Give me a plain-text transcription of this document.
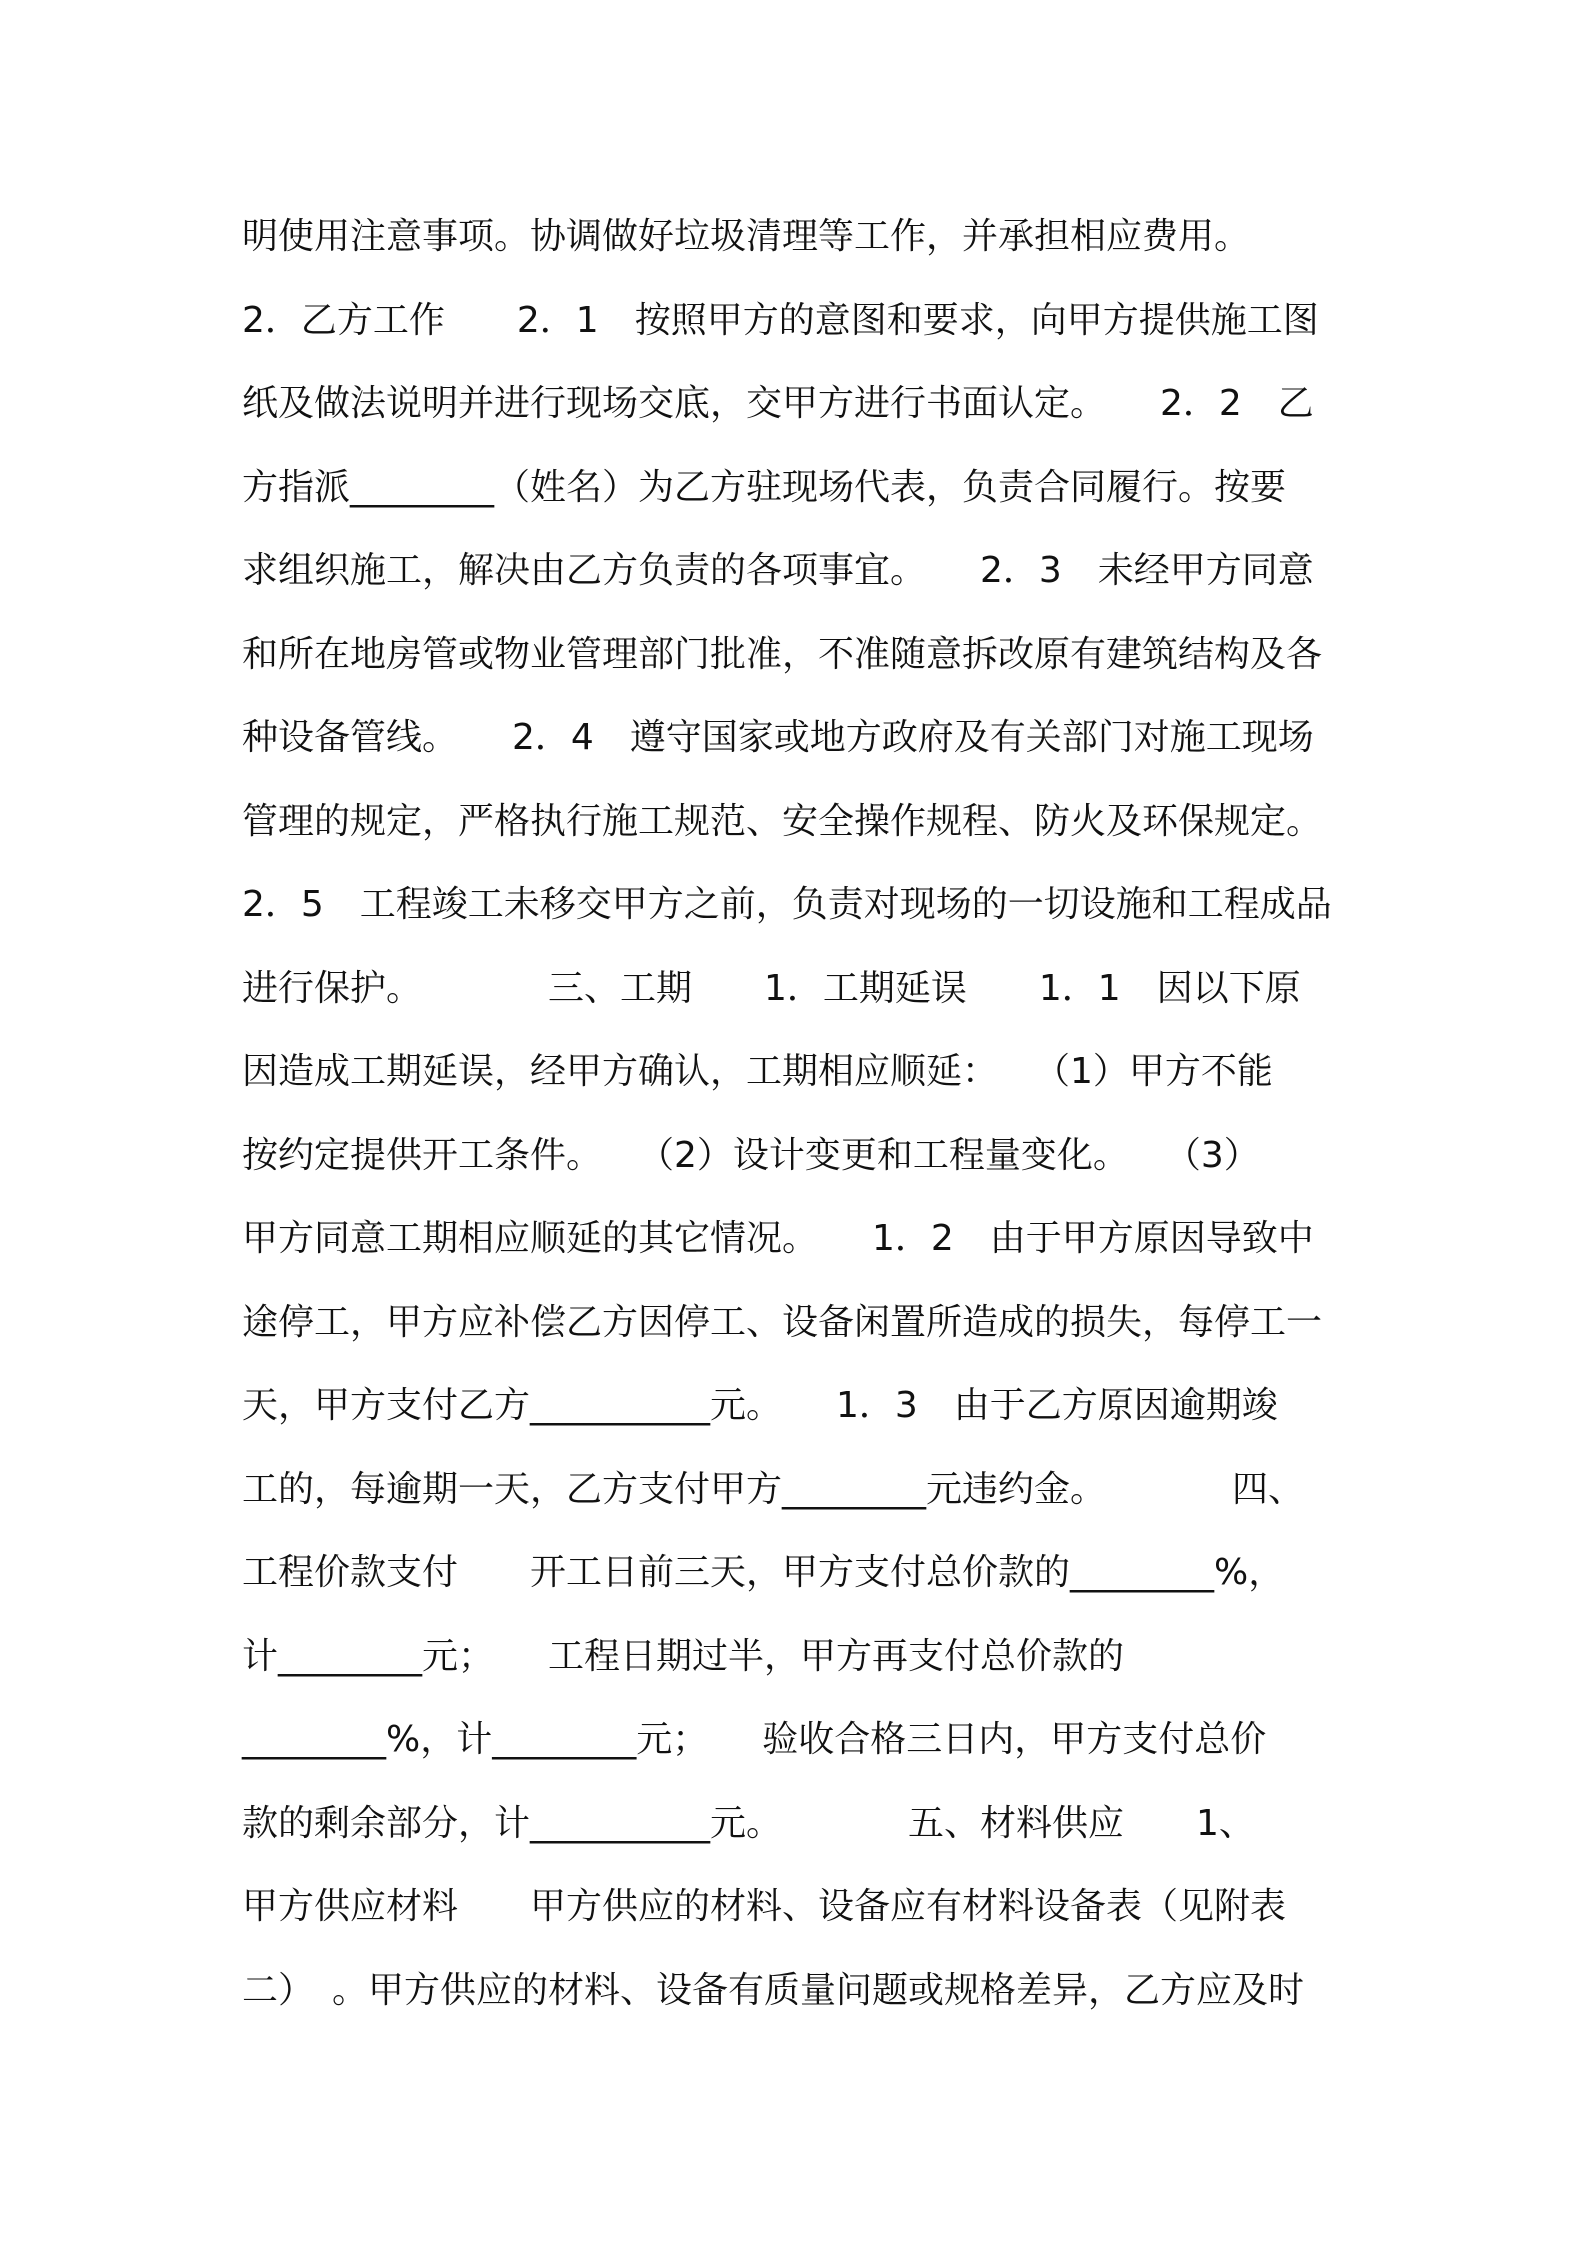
明使用注意事项。协调做好垃圾清理等工作，并承担相应费用。
2．乙方工作　　2．1　按照甲方的意图和要求，向甲方提供施工图
纸及做法说明并进行现场交底，交甲方进行书面认定。　　2．2　乙
方指派________（姓名）为乙方驻现场代表，负责合同履行。按要
求组织施工，解决由乙方负责的各项事宜。　　2．3　未经甲方同意
和所在地房管或物业管理部门批准，不准随意拆改原有建筑结构及各
种设备管线。　　2．4　遵守国家或地方政府及有关部门对施工现场
管理的规定，严格执行施工规范、安全操作规程、防火及环保规定。
2．5　工程竣工未移交甲方之前，负责对现场的一切设施和工程成品
进行保护。　　　　三、工期　　1．工期延误　　1．1　因以下原
因造成工期延误，经甲方确认，工期相应顺延：　　（1）甲方不能
按约定提供开工条件。　　（2）设计变更和工程量变化。　　（3）
甲方同意工期相应顺延的其它情况。　　1．2　由于甲方原因导致中
途停工，甲方应补偿乙方因停工、设备闲置所造成的损失，每停工一
天，甲方支付乙方__________元。　　1．3　由于乙方原因逾期竣
工的，每逾期一天，乙方支付甲方________元违约金。　　　　四、
工程价款支付　　开工日前三天，甲方支付总价款的________%，
计________元；　　工程日期过半，甲方再支付总价款的
________%，计________元；　　验收合格三日内，甲方支付总价
款的剩余部分，计__________元。　　　　五、材料供应　　1、
甲方供应材料　　甲方供应的材料、设备应有材料设备表（见附表
二）　。甲方供应的材料、设备有质量问题或规格差异，乙方应及时
